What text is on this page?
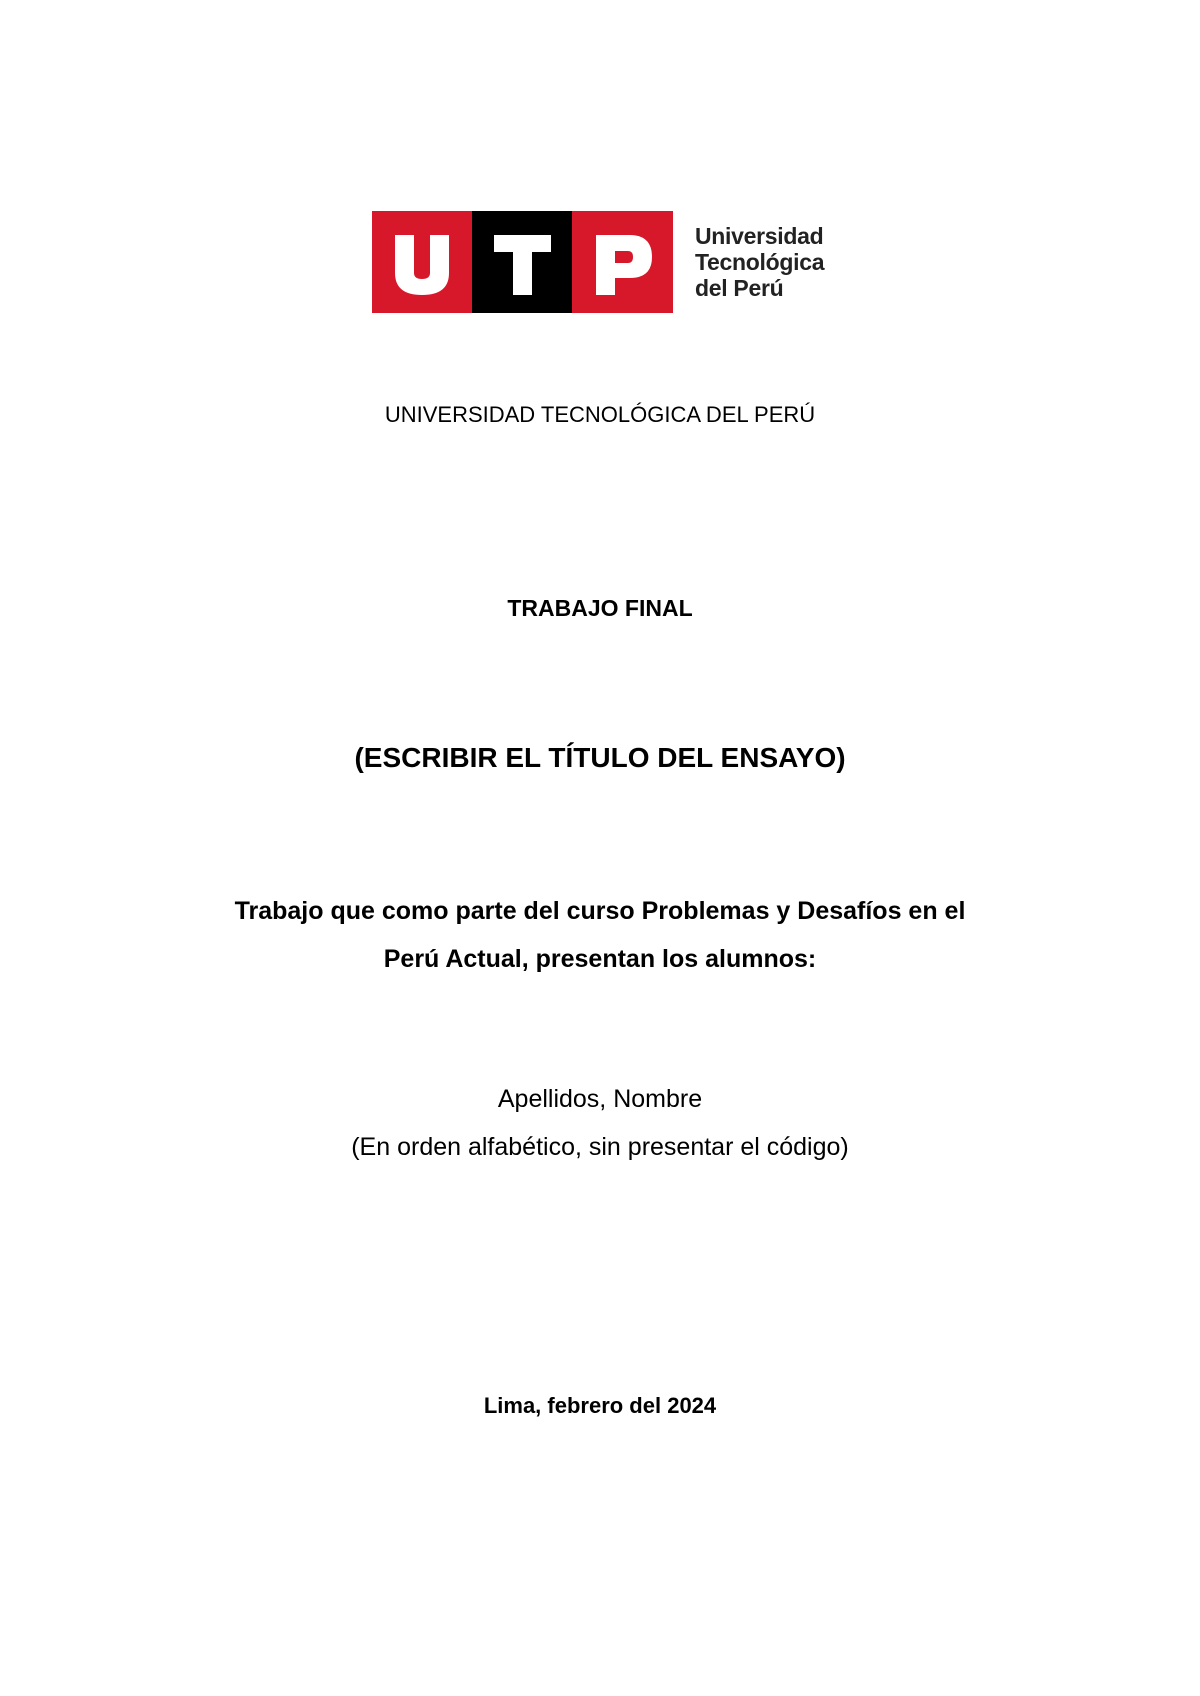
Universidad
Tecnológica
del Perú
UNIVERSIDAD TECNOLÓGICA DEL PERÚ
TRABAJO FINAL
(ESCRIBIR EL TÍTULO DEL ENSAYO)
Trabajo que como parte del curso Problemas y Desafíos en el
Perú Actual, presentan los alumnos:
Apellidos, Nombre
(En orden alfabético, sin presentar el código)
Lima, febrero del 2024
